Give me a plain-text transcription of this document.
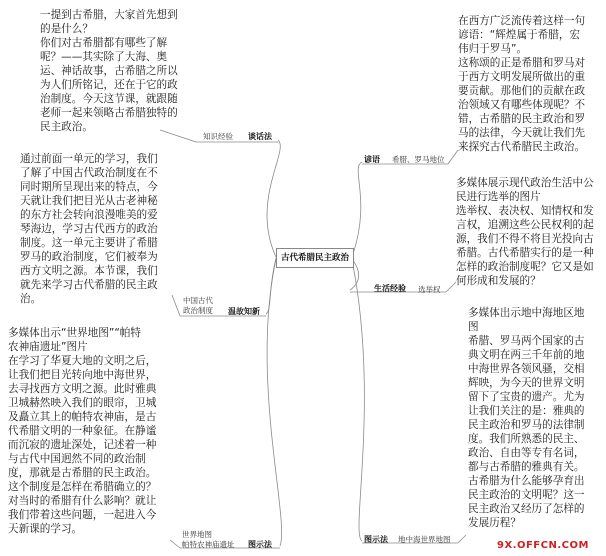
古代希腊民主政治
谈话法
知识经验
一提到古希腊，大家首先想到
的是什么？
你们对古希腊都有哪些了解
呢？——其实除了大海、奥
运、神话故事，古希腊之所以
为人们所铭记，还在于它的政
治制度。今天这节课，就跟随
老师一起来领略古希腊独特的
民主政治。
温故知新
中国古代
政治制度
通过前面一单元的学习，我们
了解了中国古代政治制度在不
同时期所呈现出来的特点，今
天就让我们把目光从古老神秘
的东方社会转向浪漫唯美的爱
琴海边，学习古代西方的政治
制度。这一单元主要讲了希腊
罗马的政治制度，它们被奉为
西方文明之源。本节课，我们
就先来学习古代希腊的民主政
治。
图示法
世界地图
帕特农神庙遗址
多媒体出示“世界地图”“帕特
农神庙遗址”图片
在学习了华夏大地的文明之后，
让我们把目光转向地中海世界，
去寻找西方文明之源。此时雅典
卫城赫然映入我们的眼帘，卫城
及矗立其上的帕特农神庙，是古
代希腊文明的一种象征。在静谧
而沉寂的遗址深处，记述着一种
与古代中国迥然不同的政治制
度，那就是古希腊的民主政治。
这个制度是怎样在希腊确立的？
对当时的希腊有什么影响？就让
我们带着这些问题，一起进入今
天新课的学习。
谚语 希腊、罗马地位
在西方广泛流传着这样一句
谚语：“辉煌属于希腊，宏
伟归于罗马”。
这称颂的正是希腊和罗马对
于西方文明发展所做出的重
要贡献。那他们的贡献在政
治领域又有哪些体现呢？不
错，古希腊的民主政治和罗
马的法律，今天就让我们先
来探究古代希腊民主政治。
生活经验 选举权
多媒体展示现代政治生活中公
民进行选举的图片
选举权、表决权、知情权和发
言权，追溯这些公民权利的起
源，我们不得不将目光投向古
希腊。古代希腊实行的是一种
怎样的政治制度呢？它又是如
何形成和发展的？
图示法 地中海世界地图
多媒体出示地中海地区地
图
希腊、罗马两个国家的古
典文明在两三千年前的地
中海世界各领风骚，交相
辉映，为今天的世界文明
留下了宝贵的遗产。尤为
让我们关注的是：雅典的
民主政治和罗马的法律制
度。我们所熟悉的民主、
政治、自由等专有名词，
都与古希腊的雅典有关。
古希腊为什么能够孕育出
民主政治的文明呢？这一
民主政治又经历了怎样的
发展历程？
9X.OFFCN.COM
